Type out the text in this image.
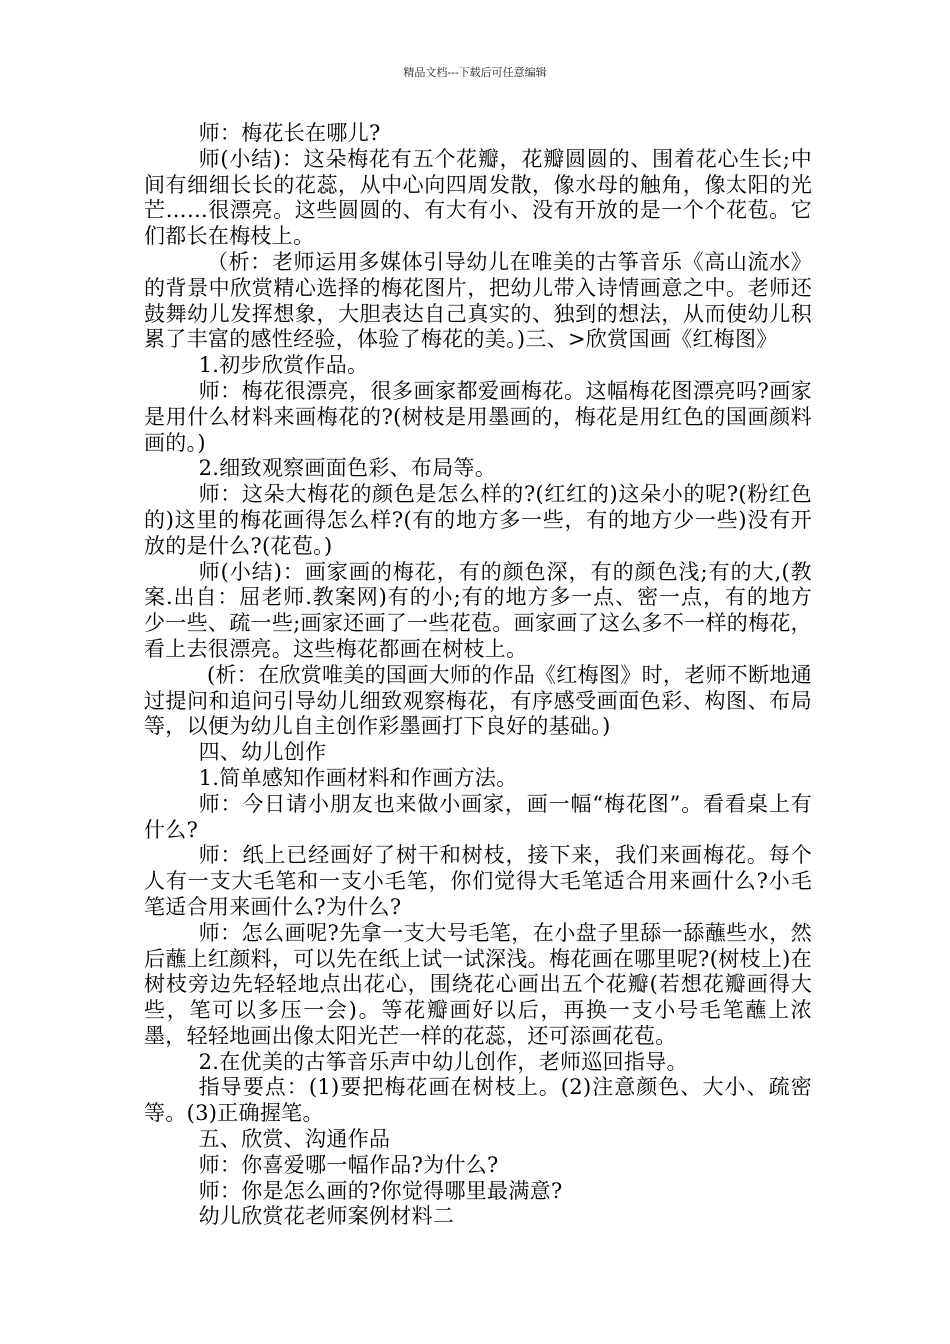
精品文档---下载后可任意编辑

师：梅花长在哪儿?

师(小结)：这朵梅花有五个花瓣，花瓣圆圆的、围着花心生长;中间有细细长长的花蕊，从中心向四周发散，像水母的触角，像太阳的光芒……很漂亮。这些圆圆的、有大有小、没有开放的是一个个花苞。它们都长在梅枝上。

（析：老师运用多媒体引导幼儿在唯美的古筝音乐《高山流水》的背景中欣赏精心选择的梅花图片，把幼儿带入诗情画意之中。老师还鼓舞幼儿发挥想象，大胆表达自己真实的、独到的想法，从而使幼儿积累了丰富的感性经验，体验了梅花的美。)三、>欣赏国画《红梅图》

1.初步欣赏作品。

师：梅花很漂亮，很多画家都爱画梅花。这幅梅花图漂亮吗?画家是用什么材料来画梅花的?(树枝是用墨画的，梅花是用红色的国画颜料画的。)

2.细致观察画面色彩、布局等。

师：这朵大梅花的颜色是怎么样的?(红红的)这朵小的呢?(粉红色的)这里的梅花画得怎么样?(有的地方多一些，有的地方少一些)没有开放的是什么?(花苞。)

师(小结)：画家画的梅花，有的颜色深，有的颜色浅;有的大,(教案.出自：屈老师.教案网)有的小;有的地方多一点、密一点，有的地方少一些、疏一些;画家还画了一些花苞。画家画了这么多不一样的梅花，看上去很漂亮。这些梅花都画在树枝上。

(析：在欣赏唯美的国画大师的作品《红梅图》时，老师不断地通过提问和追问引导幼儿细致观察梅花，有序感受画面色彩、构图、布局等，以便为幼儿自主创作彩墨画打下良好的基础。)

四、幼儿创作

1.简单感知作画材料和作画方法。

师：今日请小朋友也来做小画家，画一幅“梅花图”。看看桌上有什么?

师：纸上已经画好了树干和树枝，接下来，我们来画梅花。每个人有一支大毛笔和一支小毛笔，你们觉得大毛笔适合用来画什么?小毛笔适合用来画什么?为什么?

师：怎么画呢?先拿一支大号毛笔，在小盘子里舔一舔蘸些水，然后蘸上红颜料，可以先在纸上试一试深浅。梅花画在哪里呢?(树枝上)在树枝旁边先轻轻地点出花心，围绕花心画出五个花瓣(若想花瓣画得大些，笔可以多压一会)。等花瓣画好以后，再换一支小号毛笔蘸上浓墨，轻轻地画出像太阳光芒一样的花蕊，还可添画花苞。

2.在优美的古筝音乐声中幼儿创作，老师巡回指导。

指导要点：(1)要把梅花画在树枝上。(2)注意颜色、大小、疏密等。(3)正确握笔。

五、欣赏、沟通作品

师：你喜爱哪一幅作品?为什么?

师：你是怎么画的?你觉得哪里最满意?

幼儿欣赏花老师案例材料二
